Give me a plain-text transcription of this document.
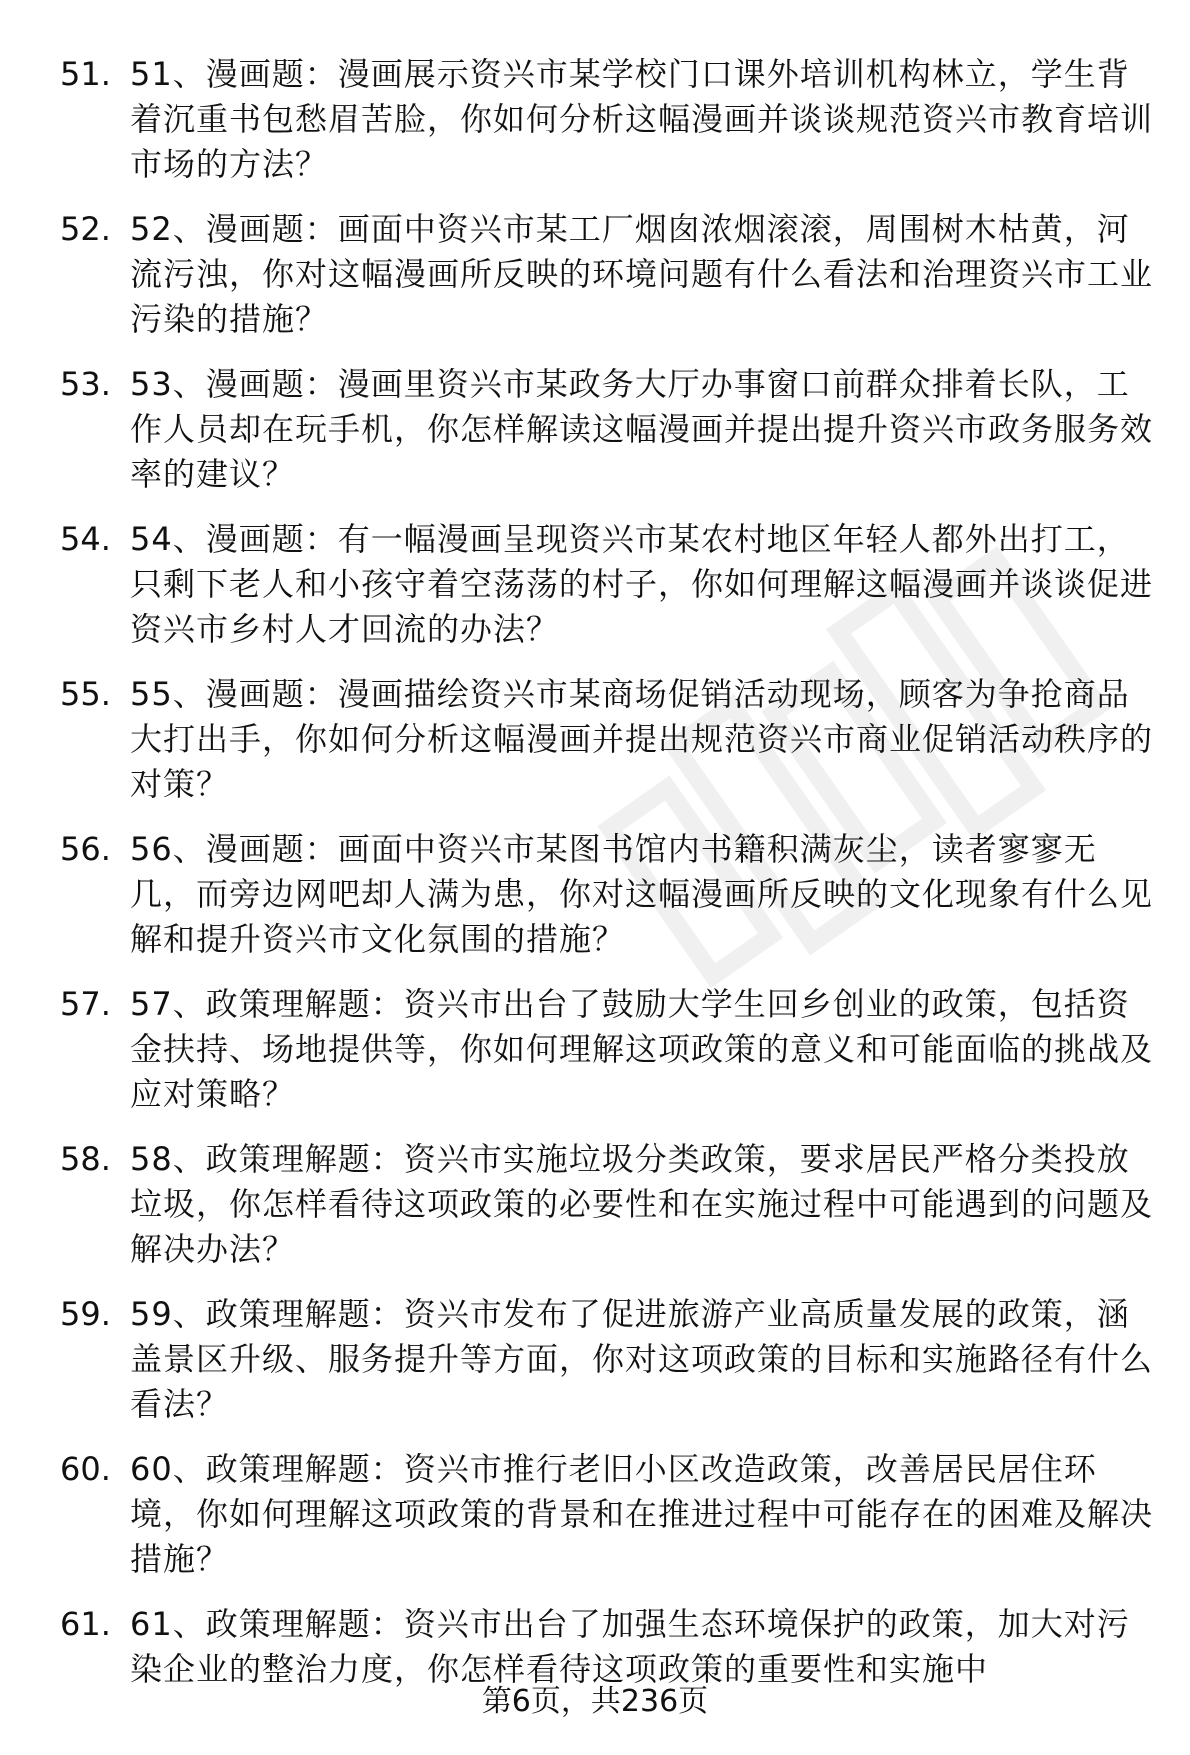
51. 51、漫画题：漫画展示资兴市某学校门口课外培训机构林立，学生背着沉重书包愁眉苦脸，你如何分析这幅漫画并谈谈规范资兴市教育培训市场的方法？
52. 52、漫画题：画面中资兴市某工厂烟囱浓烟滚滚，周围树木枯黄，河流污浊，你对这幅漫画所反映的环境问题有什么看法和治理资兴市工业污染的措施？
53. 53、漫画题：漫画里资兴市某政务大厅办事窗口前群众排着长队，工作人员却在玩手机，你怎样解读这幅漫画并提出提升资兴市政务服务效率的建议？
54. 54、漫画题：有一幅漫画呈现资兴市某农村地区年轻人都外出打工，只剩下老人和小孩守着空荡荡的村子，你如何理解这幅漫画并谈谈促进资兴市乡村人才回流的办法？
55. 55、漫画题：漫画描绘资兴市某商场促销活动现场，顾客为争抢商品大打出手，你如何分析这幅漫画并提出规范资兴市商业促销活动秩序的对策？
56. 56、漫画题：画面中资兴市某图书馆内书籍积满灰尘，读者寥寥无几，而旁边网吧却人满为患，你对这幅漫画所反映的文化现象有什么见解和提升资兴市文化氛围的措施？
57. 57、政策理解题：资兴市出台了鼓励大学生回乡创业的政策，包括资金扶持、场地提供等，你如何理解这项政策的意义和可能面临的挑战及应对策略？
58. 58、政策理解题：资兴市实施垃圾分类政策，要求居民严格分类投放垃圾，你怎样看待这项政策的必要性和在实施过程中可能遇到的问题及解决办法？
59. 59、政策理解题：资兴市发布了促进旅游产业高质量发展的政策，涵盖景区升级、服务提升等方面，你对这项政策的目标和实施路径有什么看法？
60. 60、政策理解题：资兴市推行老旧小区改造政策，改善居民居住环境，你如何理解这项政策的背景和在推进过程中可能存在的困难及解决措施？
61. 61、政策理解题：资兴市出台了加强生态环境保护的政策，加大对污染企业的整治力度，你怎样看待这项政策的重要性和实施中
第6页，共236页
